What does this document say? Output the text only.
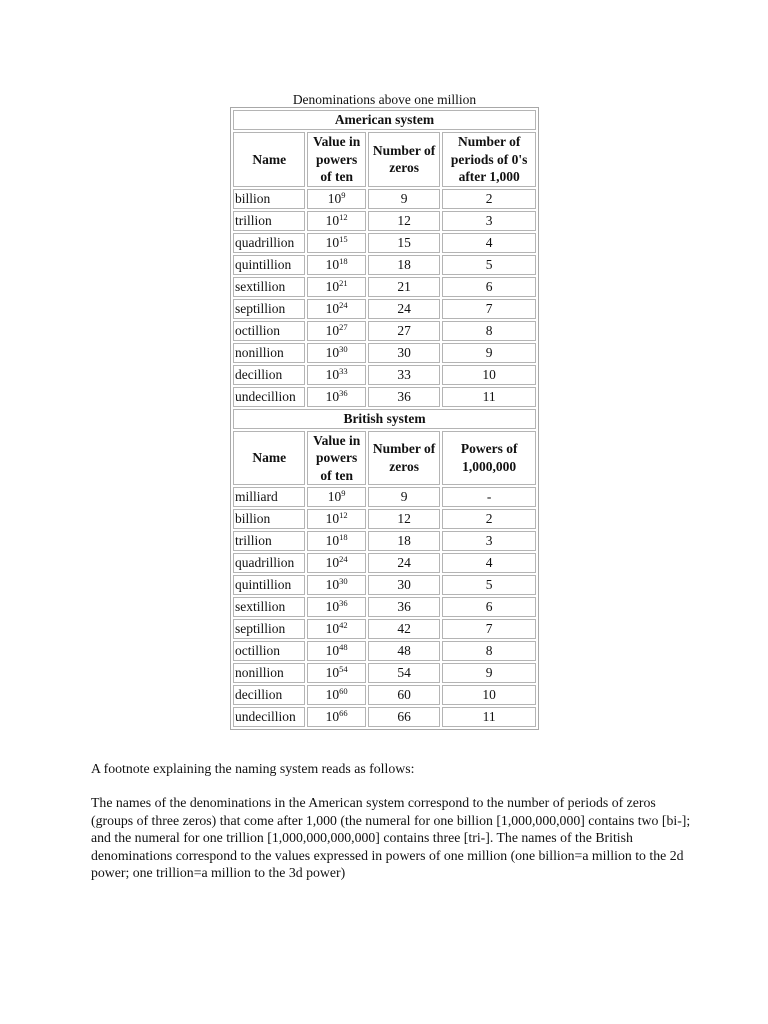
Denominations above one million
American system			
Name	Value in powers of ten	Number of zeros	Number of periods of 0's after 1,000
billion	$10^9$	9	2
trillion	$10^{12}$	12	3
quadrillion	$10^{15}$	15	4
quintillion	$10^{18}$	18	5
sextillion	$10^{21}$	21	6
septillion	$10^{24}$	24	7
octillion	$10^{27}$	27	8
nonillion	$10^{30}$	30	9
decillion	$10^{33}$	33	10
undecillion	$10^{36}$	36	11
British system			
Name	Value in powers of ten	Number of zeros	Powers of 1,000,000
milliard	$10^9$	9	-
billion	$10^{12}$	12	2
trillion	$10^{18}$	18	3
quadrillion	$10^{24}$	24	4
quintillion	$10^{30}$	30	5
sextillion	$10^{36}$	36	6
septillion	$10^{42}$	42	7
octillion	$10^{48}$	48	8
nonillion	$10^{54}$	54	9
decillion	$10^{60}$	60	10
undecillion	$10^{66}$	66	11

A footnote explaining the naming system reads as follows:

The names of the denominations in the American system correspond to the number of periods of zeros (groups of three zeros) that come after 1,000 (the numeral for one billion [1,000,000,000] contains two [bi-]; and the numeral for one trillion [1,000,000,000,000] contains three [tri-]. The names of the British denominations correspond to the values expressed in powers of one million (one billion=a million to the 2d power; one trillion=a million to the 3d power)
